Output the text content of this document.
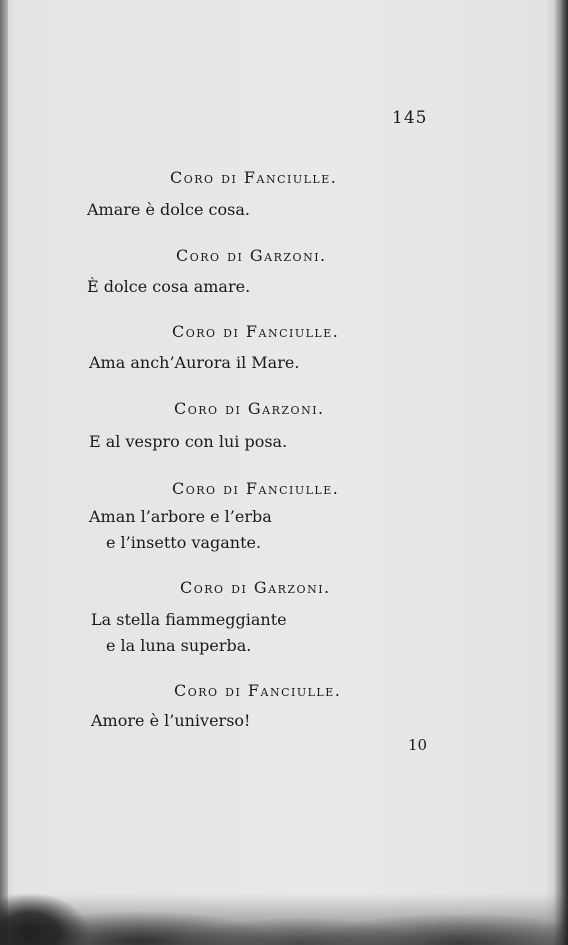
145
Coro di Fanciulle.
Amare è dolce cosa.
Coro di Garzoni.
È dolce cosa amare.
Coro di Fanciulle.
Ama anch’Aurora il Mare.
Coro di Garzoni.
E al vespro con lui posa.
Coro di Fanciulle.
Aman l’arbore e l’erba
e l’insetto vagante.
Coro di Garzoni.
La stella fiammeggiante
e la luna superba.
Coro di Fanciulle.
Amore è l’universo!
10
